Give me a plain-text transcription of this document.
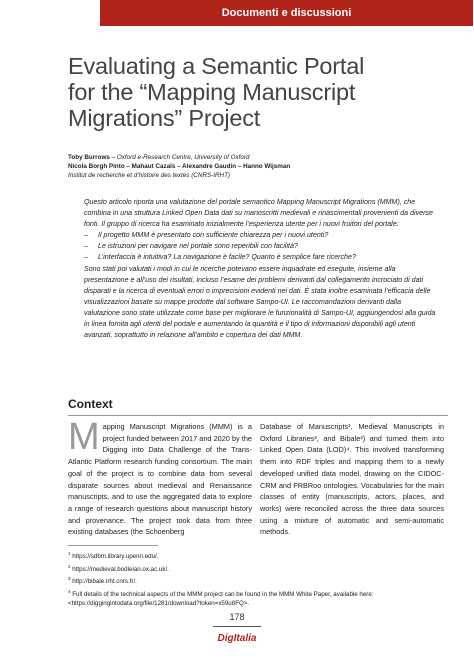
Documenti e discussioni
Evaluating a Semantic Portal
for the “Mapping Manuscript
Migrations” Project
Toby Burrows – Oxford e-Research Centre, University of Oxford
Nicola Borgh Pinto – Mahaut Cazals – Alexandre Gaudin – Hanno Wijsman
Institut de recherche et d’histoire des textes (CNRS-IRHT)

Questo articolo riporta una valutazione del portale semantico Mapping Manuscript Migrations (MMM), che combina in una struttura Linked Open Data dati su manoscritti medievali e rinascimentali provenienti da diverse fonti. Il gruppo di ricerca ha esaminato inizialmente l’esperienza utente per i nuovi fruitori del portale:

–	Il progetto MMM è presentato con sufficiente chiarezza per i nuovi utenti?
–	Le istruzioni per navigare nel portale sono reperibili con facilità?
–	L’interfaccia è intuitiva? La navigazione è facile? Quanto è semplice fare ricerche?

Sono stati poi valutati i modi in cui le ricerche potevano essere inquadrate ed eseguite, insieme alla presentazione e all’uso dei risultati, incluso l’esame dei problemi derivanti dal collegamento incrociato di dati disparati e la ricerca di eventuali errori o imprecisioni evidenti nei dati. È stata inoltre esaminata l’efficacia delle visualizzazioni basate su mappe prodotte dal software Sampo-UI. Le raccomandazioni derivanti dalla valutazione sono state utilizzate come base per migliorare le funzionalità di Sampo-UI, aggiungendosi alla guida in linea fornita agli utenti del portale e aumentando la quantità e il tipo di informazioni disponibili agli utenti avanzati, soprattutto in relazione all’ambito e copertura dei dati MMM.

Context
Mapping Manuscript Migrations (MMM) is a project funded between 2017 and 2020 by the Digging into Data Challenge of the Trans-Atlantic Platform research funding consortium. The main goal of the project is to combine data from several disparate sources about medieval and Renaissance manuscripts, and to use the aggregated data to explore a range of research questions about manuscript history and provenance. The project took data from three existing databases (the Schoenberg
Database of Manuscripts¹, Medieval Manuscripts in Oxford Libraries², and Bibale³) and turned them into Linked Open Data (LOD)⁴. This involved transforming them into RDF triples and mapping them to a newly developed unified data model, drawing on the CIDOC-CRM and FRBRoo ontologies. Vocabularies for the main classes of entity (manuscripts, actors, places, and works) were reconciled across the three data sources using a mixture of automatic and semi-automatic methods.
$^1$ https://sdbm.library.upenn.edu/.
$^2$ https://medieval.bodleian.ox.ac.uk/.
$^3$ http://bibale.irht.cnrs.fr/.
$^4$ Full details of the technical aspects of the MMM project can be found in the MMM White Paper, available here: <https://diggingintodata.org/file/1281/download?token=x59u8FQ>.
178
DigItalia
